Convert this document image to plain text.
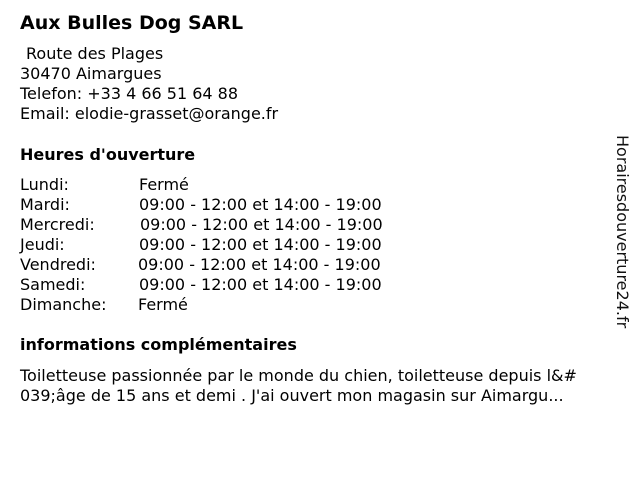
Aux Bulles Dog SARL
Route des Plages
30470 Aimargues
Telefon: +33 4 66 51 64 88
Email: elodie-grasset@orange.fr
Heures d'ouverture
Lundi:	Fermé
Mardi:	09:00 - 12:00 et 14:00 - 19:00
Mercredi:	09:00 - 12:00 et 14:00 - 19:00
Jeudi:	09:00 - 12:00 et 14:00 - 19:00
Vendredi:	09:00 - 12:00 et 14:00 - 19:00
Samedi:	09:00 - 12:00 et 14:00 - 19:00
Dimanche: Fermé
informations complémentaires
Toiletteuse passionnée par le monde du chien, toiletteuse depuis l&#
039;âge de 15 ans et demi . J'ai ouvert mon magasin sur Aimargu...
Horairesdouverture24.fr
